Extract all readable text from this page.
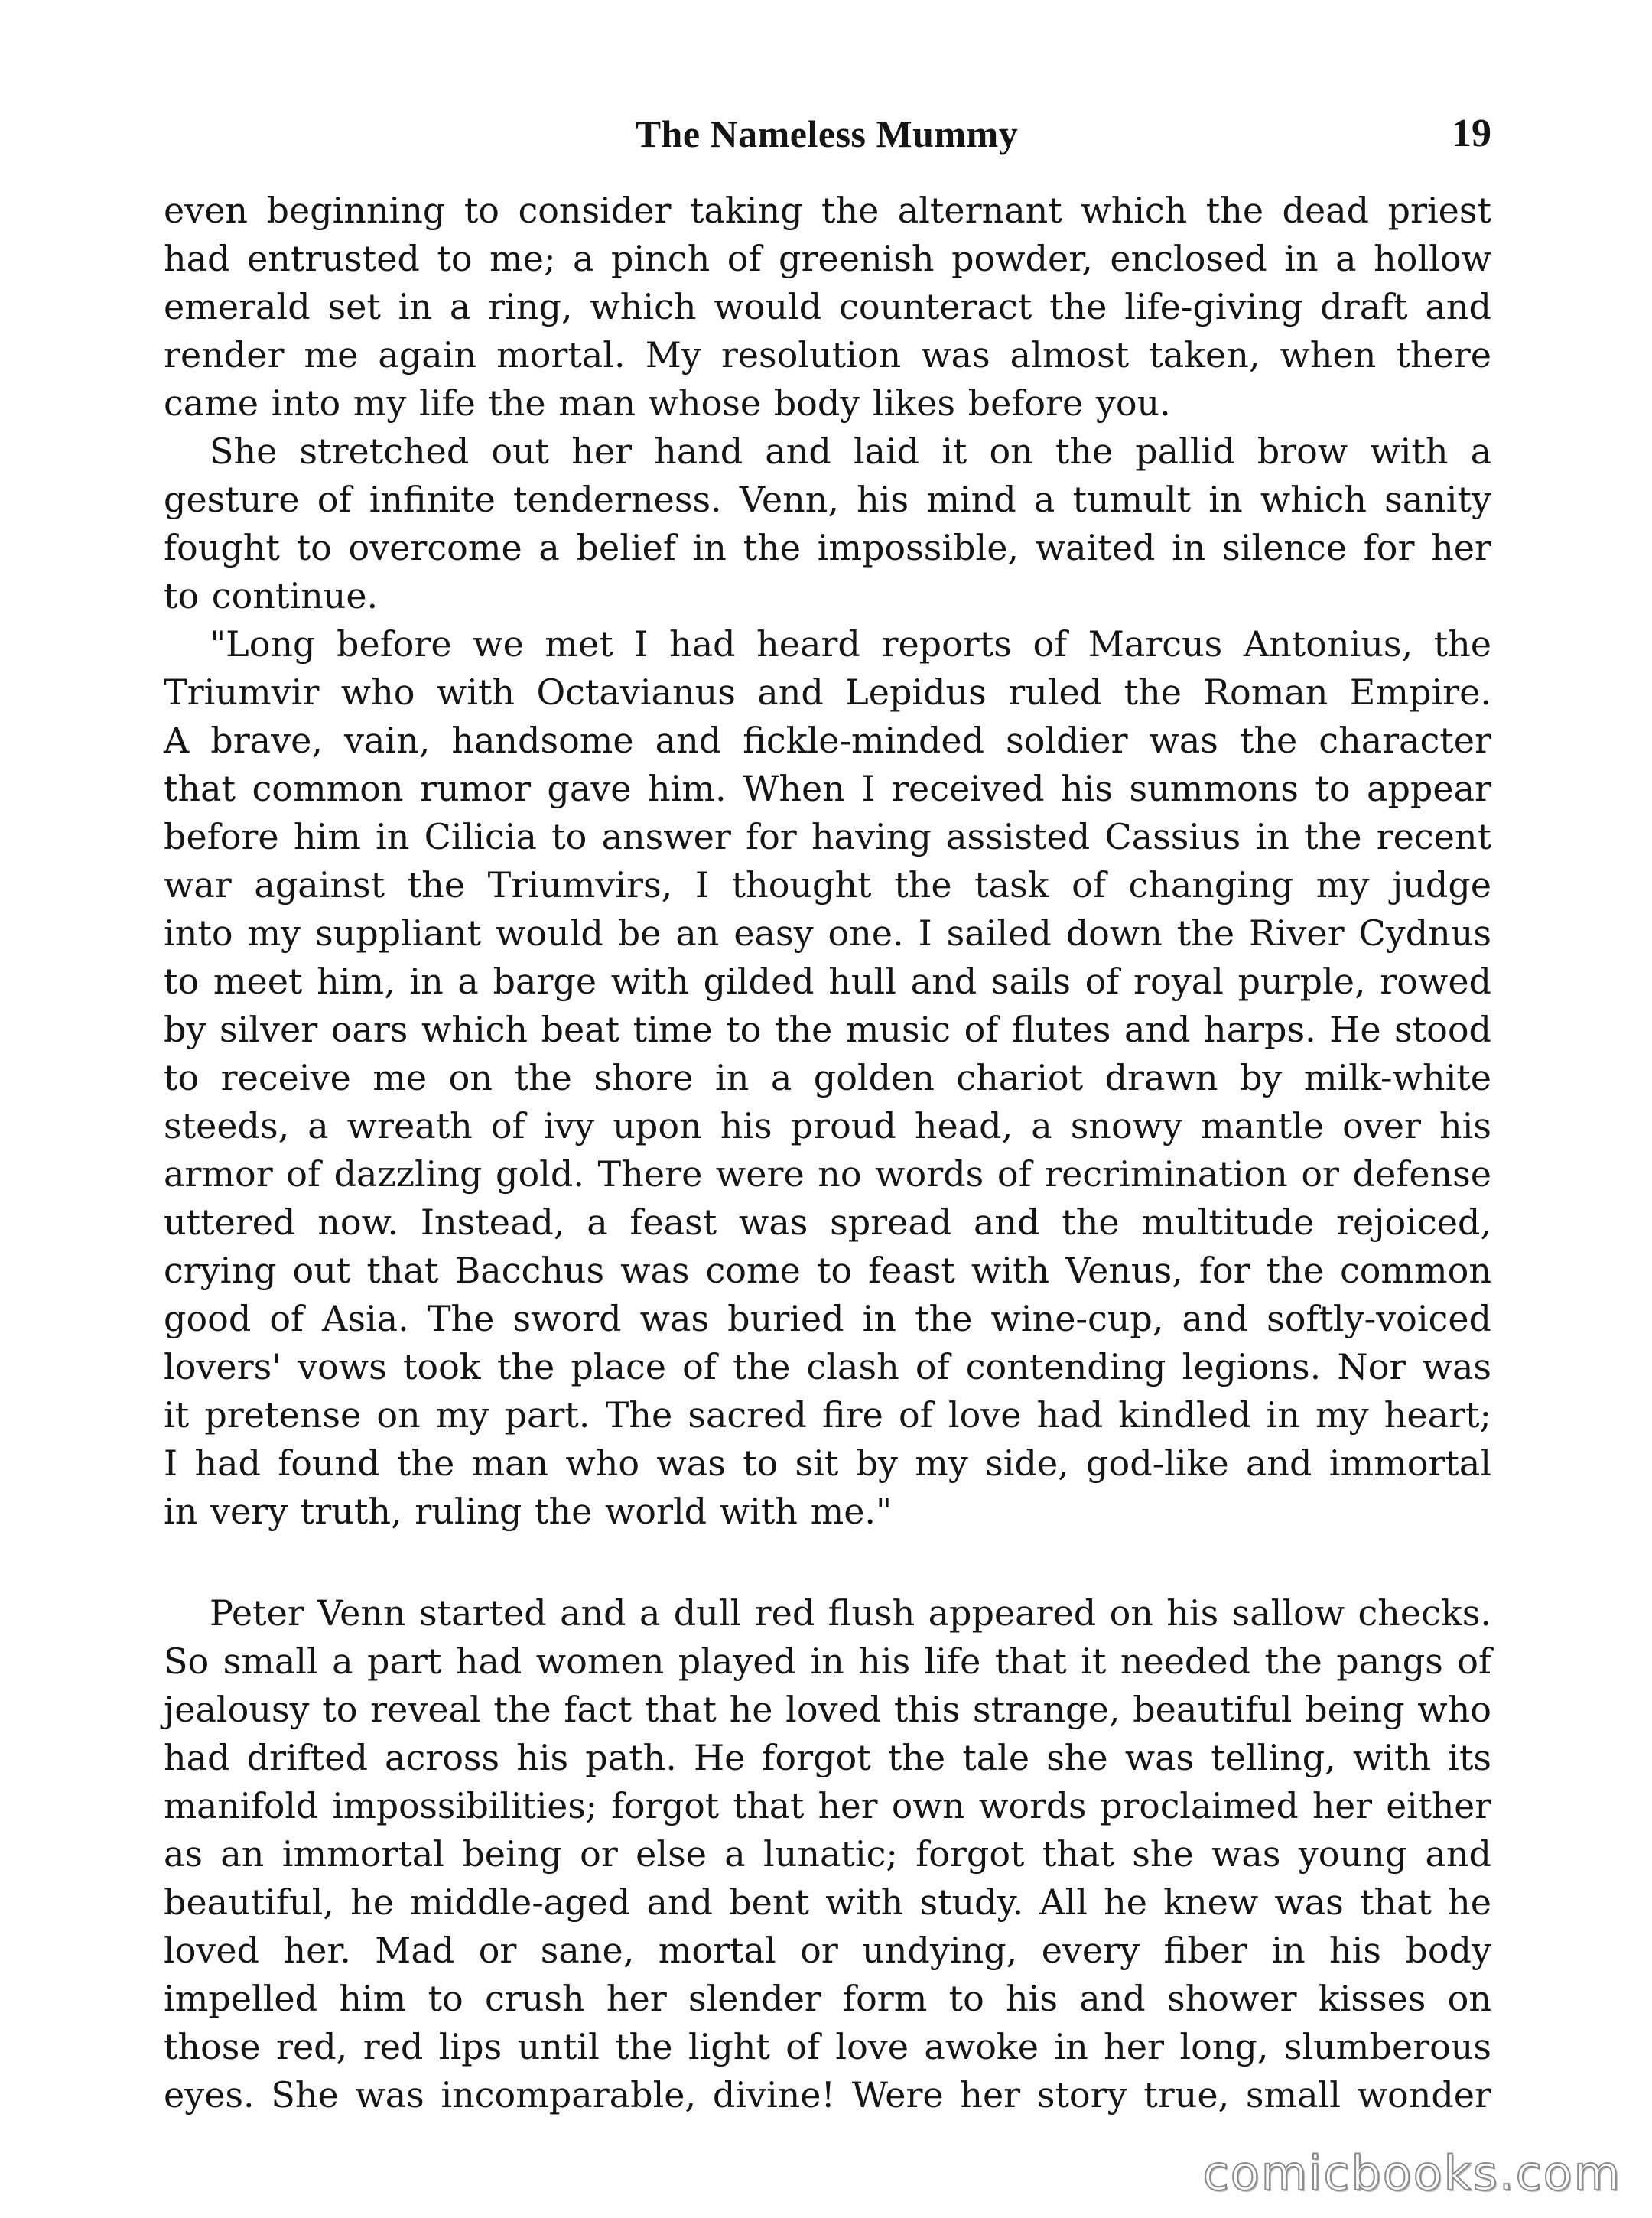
The Nameless Mummy	19
even beginning to consider taking the alternant which the dead priest
had entrusted to me; a pinch of greenish powder, enclosed in a hollow
emerald set in a ring, which would counteract the life-giving draft and
render me again mortal. My resolution was almost taken, when there
came into my life the man whose body likes before you.
She stretched out her hand and laid it on the pallid brow with a
gesture of infinite tenderness. Venn, his mind a tumult in which sanity
fought to overcome a belief in the impossible, waited in silence for her
to continue.
"Long before we met I had heard reports of Marcus Antonius, the
Triumvir who with Octavianus and Lepidus ruled the Roman Empire.
A brave, vain, handsome and fickle-minded soldier was the character
that common rumor gave him. When I received his summons to appear
before him in Cilicia to answer for having assisted Cassius in the recent
war against the Triumvirs, I thought the task of changing my judge
into my suppliant would be an easy one. I sailed down the River Cydnus
to meet him, in a barge with gilded hull and sails of royal purple, rowed
by silver oars which beat time to the music of flutes and harps. He stood
to receive me on the shore in a golden chariot drawn by milk-white
steeds, a wreath of ivy upon his proud head, a snowy mantle over his
armor of dazzling gold. There were no words of recrimination or defense
uttered now. Instead, a feast was spread and the multitude rejoiced,
crying out that Bacchus was come to feast with Venus, for the common
good of Asia. The sword was buried in the wine-cup, and softly-voiced
lovers' vows took the place of the clash of contending legions. Nor was
it pretense on my part. The sacred fire of love had kindled in my heart;
I had found the man who was to sit by my side, god-like and immortal
in very truth, ruling the world with me."
Peter Venn started and a dull red flush appeared on his sallow checks.
So small a part had women played in his life that it needed the pangs of
jealousy to reveal the fact that he loved this strange, beautiful being who
had drifted across his path. He forgot the tale she was telling, with its
manifold impossibilities; forgot that her own words proclaimed her either
as an immortal being or else a lunatic; forgot that she was young and
beautiful, he middle-aged and bent with study. All he knew was that he
loved her. Mad or sane, mortal or undying, every fiber in his body
impelled him to crush her slender form to his and shower kisses on
those red, red lips until the light of love awoke in her long, slumberous
eyes. She was incomparable, divine! Were her story true, small wonder
comicbooks.com
